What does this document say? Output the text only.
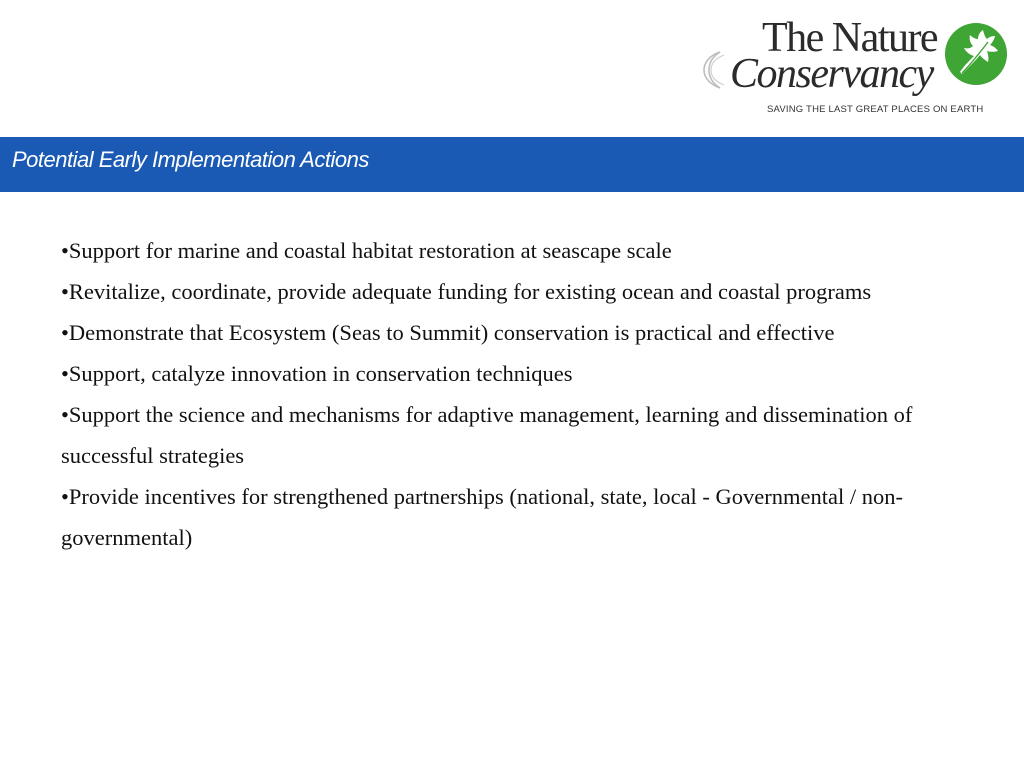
The Nature
Conservancy
SAVING THE LAST GREAT PLACES ON EARTH
Potential Early Implementation Actions

•Support for marine and coastal habitat restoration at seascape scale

•Revitalize, coordinate, provide adequate funding for existing ocean and coastal programs

•Demonstrate that Ecosystem (Seas to Summit) conservation is practical and effective

•Support, catalyze innovation in conservation techniques

•Support the science and mechanisms for adaptive management, learning and dissemination of successful strategies

•Provide incentives for strengthened partnerships (national, state, local - Governmental / non-governmental)
